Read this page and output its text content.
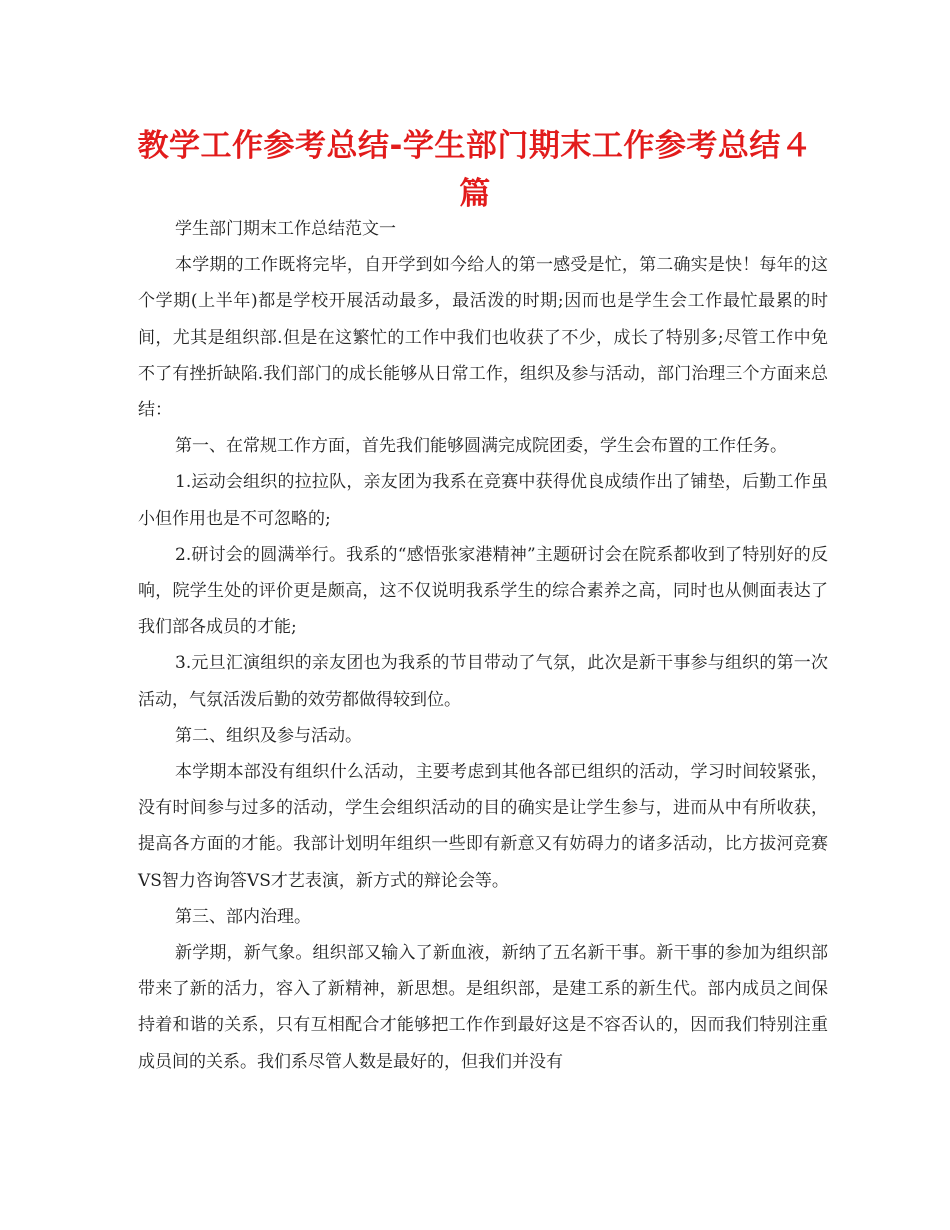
教学工作参考总结-学生部门期末工作参考总结４篇

学生部门期末工作总结范文一

本学期的工作既将完毕，自开学到如今给人的第一感受是忙，第二确实是快！每年的这个学期(上半年)都是学校开展活动最多，最活泼的时期;因而也是学生会工作最忙最累的时间，尤其是组织部.但是在这繁忙的工作中我们也收获了不少，成长了特别多;尽管工作中免不了有挫折缺陷.我们部门的成长能够从日常工作，组织及参与活动，部门治理三个方面来总结：

第一、在常规工作方面，首先我们能够圆满完成院团委，学生会布置的工作任务。

1.运动会组织的拉拉队，亲友团为我系在竞赛中获得优良成绩作出了铺垫，后勤工作虽小但作用也是不可忽略的;

2.研讨会的圆满举行。我系的“感悟张家港精神”主题研讨会在院系都收到了特别好的反响，院学生处的评价更是颇高，这不仅说明我系学生的综合素养之高，同时也从侧面表达了我们部各成员的才能;

3.元旦汇演组织的亲友团也为我系的节目带动了气氛，此次是新干事参与组织的第一次活动，气氛活泼后勤的效劳都做得较到位。

第二、组织及参与活动。

本学期本部没有组织什么活动，主要考虑到其他各部已组织的活动，学习时间较紧张，没有时间参与过多的活动，学生会组织活动的目的确实是让学生参与，进而从中有所收获，提高各方面的才能。我部计划明年组织一些即有新意又有妨碍力的诸多活动，比方拔河竞赛VS智力咨询答VS才艺表演，新方式的辩论会等。

第三、部内治理。

新学期，新气象。组织部又输入了新血液，新纳了五名新干事。新干事的参加为组织部带来了新的活力，容入了新精神，新思想。是组织部，是建工系的新生代。部内成员之间保持着和谐的关系，只有互相配合才能够把工作作到最好这是不容否认的，因而我们特别注重成员间的关系。我们系尽管人数是最好的，但我们并没有
